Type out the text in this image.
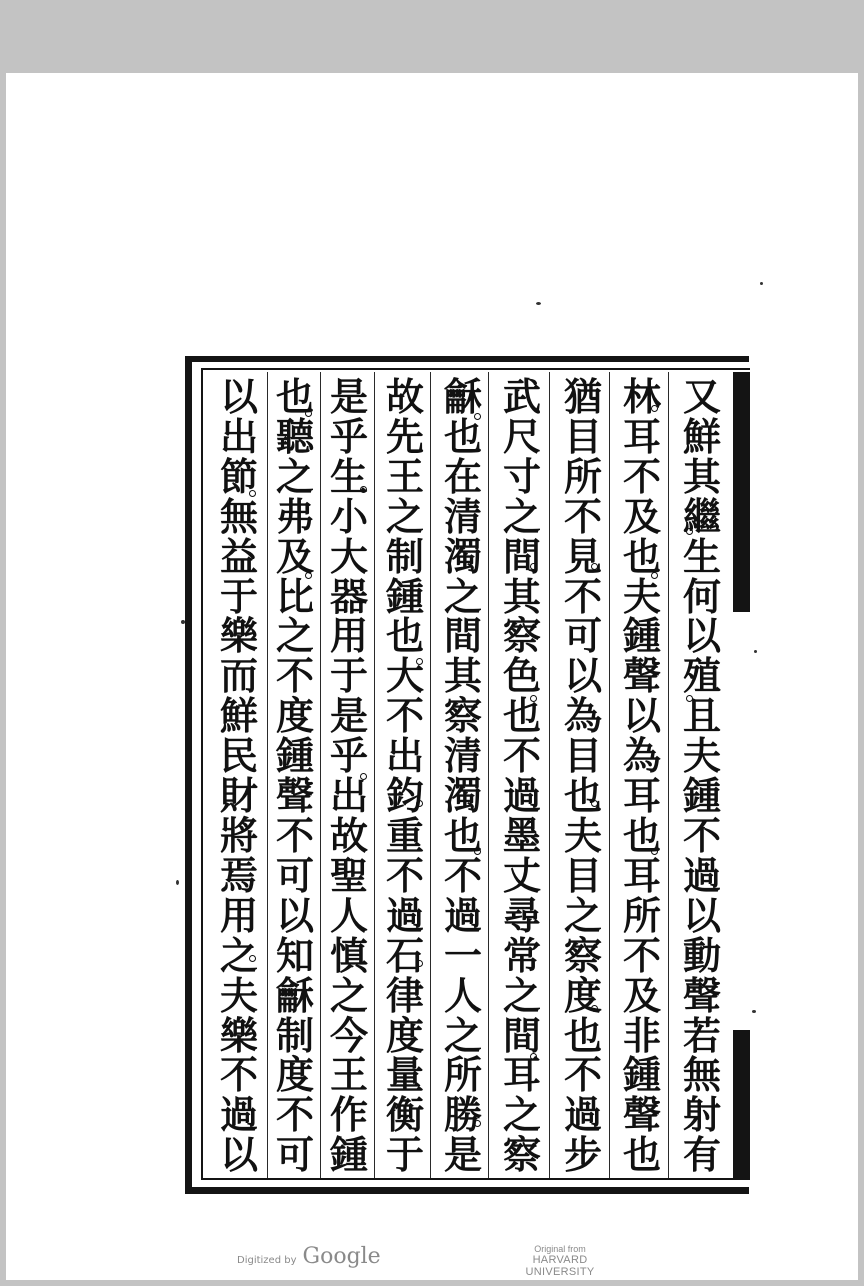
又
鮮
其
繼
生
何
以
殖
且
夫
鍾
不
過
以
動
聲
若
無
射
有
林
耳
不
及
也
夫
鍾
聲
以
為
耳
也
耳
所
不
及
非
鍾
聲
也
猶
目
所
不
見
不
可
以
為
目
也
夫
目
之
察
度
也
不
過
步
武
尺
寸
之
間
其
察
色
也
不
過
墨
丈
尋
常
之
間
耳
之
察
龢
也
在
清
濁
之
間
其
察
清
濁
也
不
過
一
人
之
所
勝
是
故
先
王
之
制
鍾
也
大
不
出
鈞
重
不
過
石
律
度
量
衡
于
是
乎
生
小
大
器
用
于
是
乎
出
故
聖
人
慎
之
今
王
作
鍾
也
聽
之
弗
及
比
之
不
度
鍾
聲
不
可
以
知
龢
制
度
不
可
以
出
節
無
益
于
樂
而
鮮
民
財
將
焉
用
之
夫
樂
不
過
以
Digitized by Google	Original from
HARVARD UNIVERSITY
